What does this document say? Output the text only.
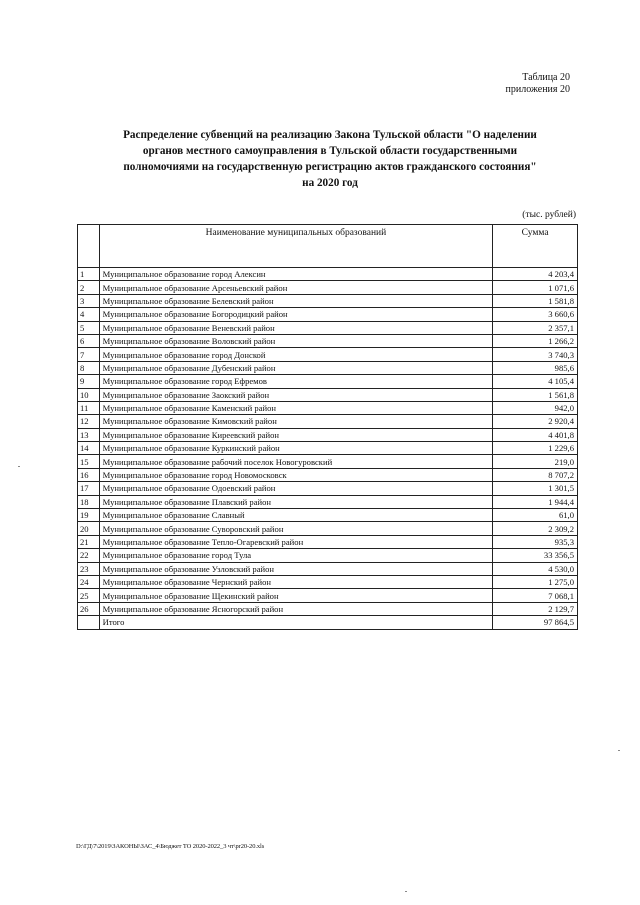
Таблица 20
приложения 20
Распределение субвенций на реализацию Закона Тульской области "О наделении
органов местного самоуправления в Тульской области государственными
полномочиями на государственную регистрацию актов гражданского состояния"
на 2020 год
(тыс. рублей)
	Наименование муниципальных образований	Сумма
1	Муниципальное образование город Алексин	4 203,4
2	Муниципальное образование Арсеньевский район	1 071,6
3	Муниципальное образование Белевский район	1 581,8
4	Муниципальное образование Богородицкий район	3 660,6
5	Муниципальное образование Веневский район	2 357,1
6	Муниципальное образование Воловский район	1 266,2
7	Муниципальное образование город Донской	3 740,3
8	Муниципальное образование Дубенский район	985,6
9	Муниципальное образование город Ефремов	4 105,4
10	Муниципальное образование Заокский район	1 561,8
11	Муниципальное образование Каменский район	942,0
12	Муниципальное образование Кимовский район	2 920,4
13	Муниципальное образование Киреевский район	4 401,8
14	Муниципальное образование Куркинский район	1 229,6
15	Муниципальное образование рабочий поселок Новогуровский	219,0
16	Муниципальное образование город Новомосковск	8 707,2
17	Муниципальное образование Одоевский район	1 301,5
18	Муниципальное образование Плавский район	1 944,4
19	Муниципальное образование Славный	61,0
20	Муниципальное образование Суворовский район	2 309,2
21	Муниципальное образование Тепло-Огаревский район	935,3
22	Муниципальное образование город Тула	33 356,5
23	Муниципальное образование Узловский район	4 530,0
24	Муниципальное образование Чернский район	1 275,0
25	Муниципальное образование Щекинский район	7 068,1
26	Муниципальное образование Ясногорский район	2 129,7
	Итого	97 864,5
D:\ГД\7\2019\ЗАКОНЫ\ЗАС_4\Бюджет ТО 2020-2022_3 чт\pr20-20.xls
